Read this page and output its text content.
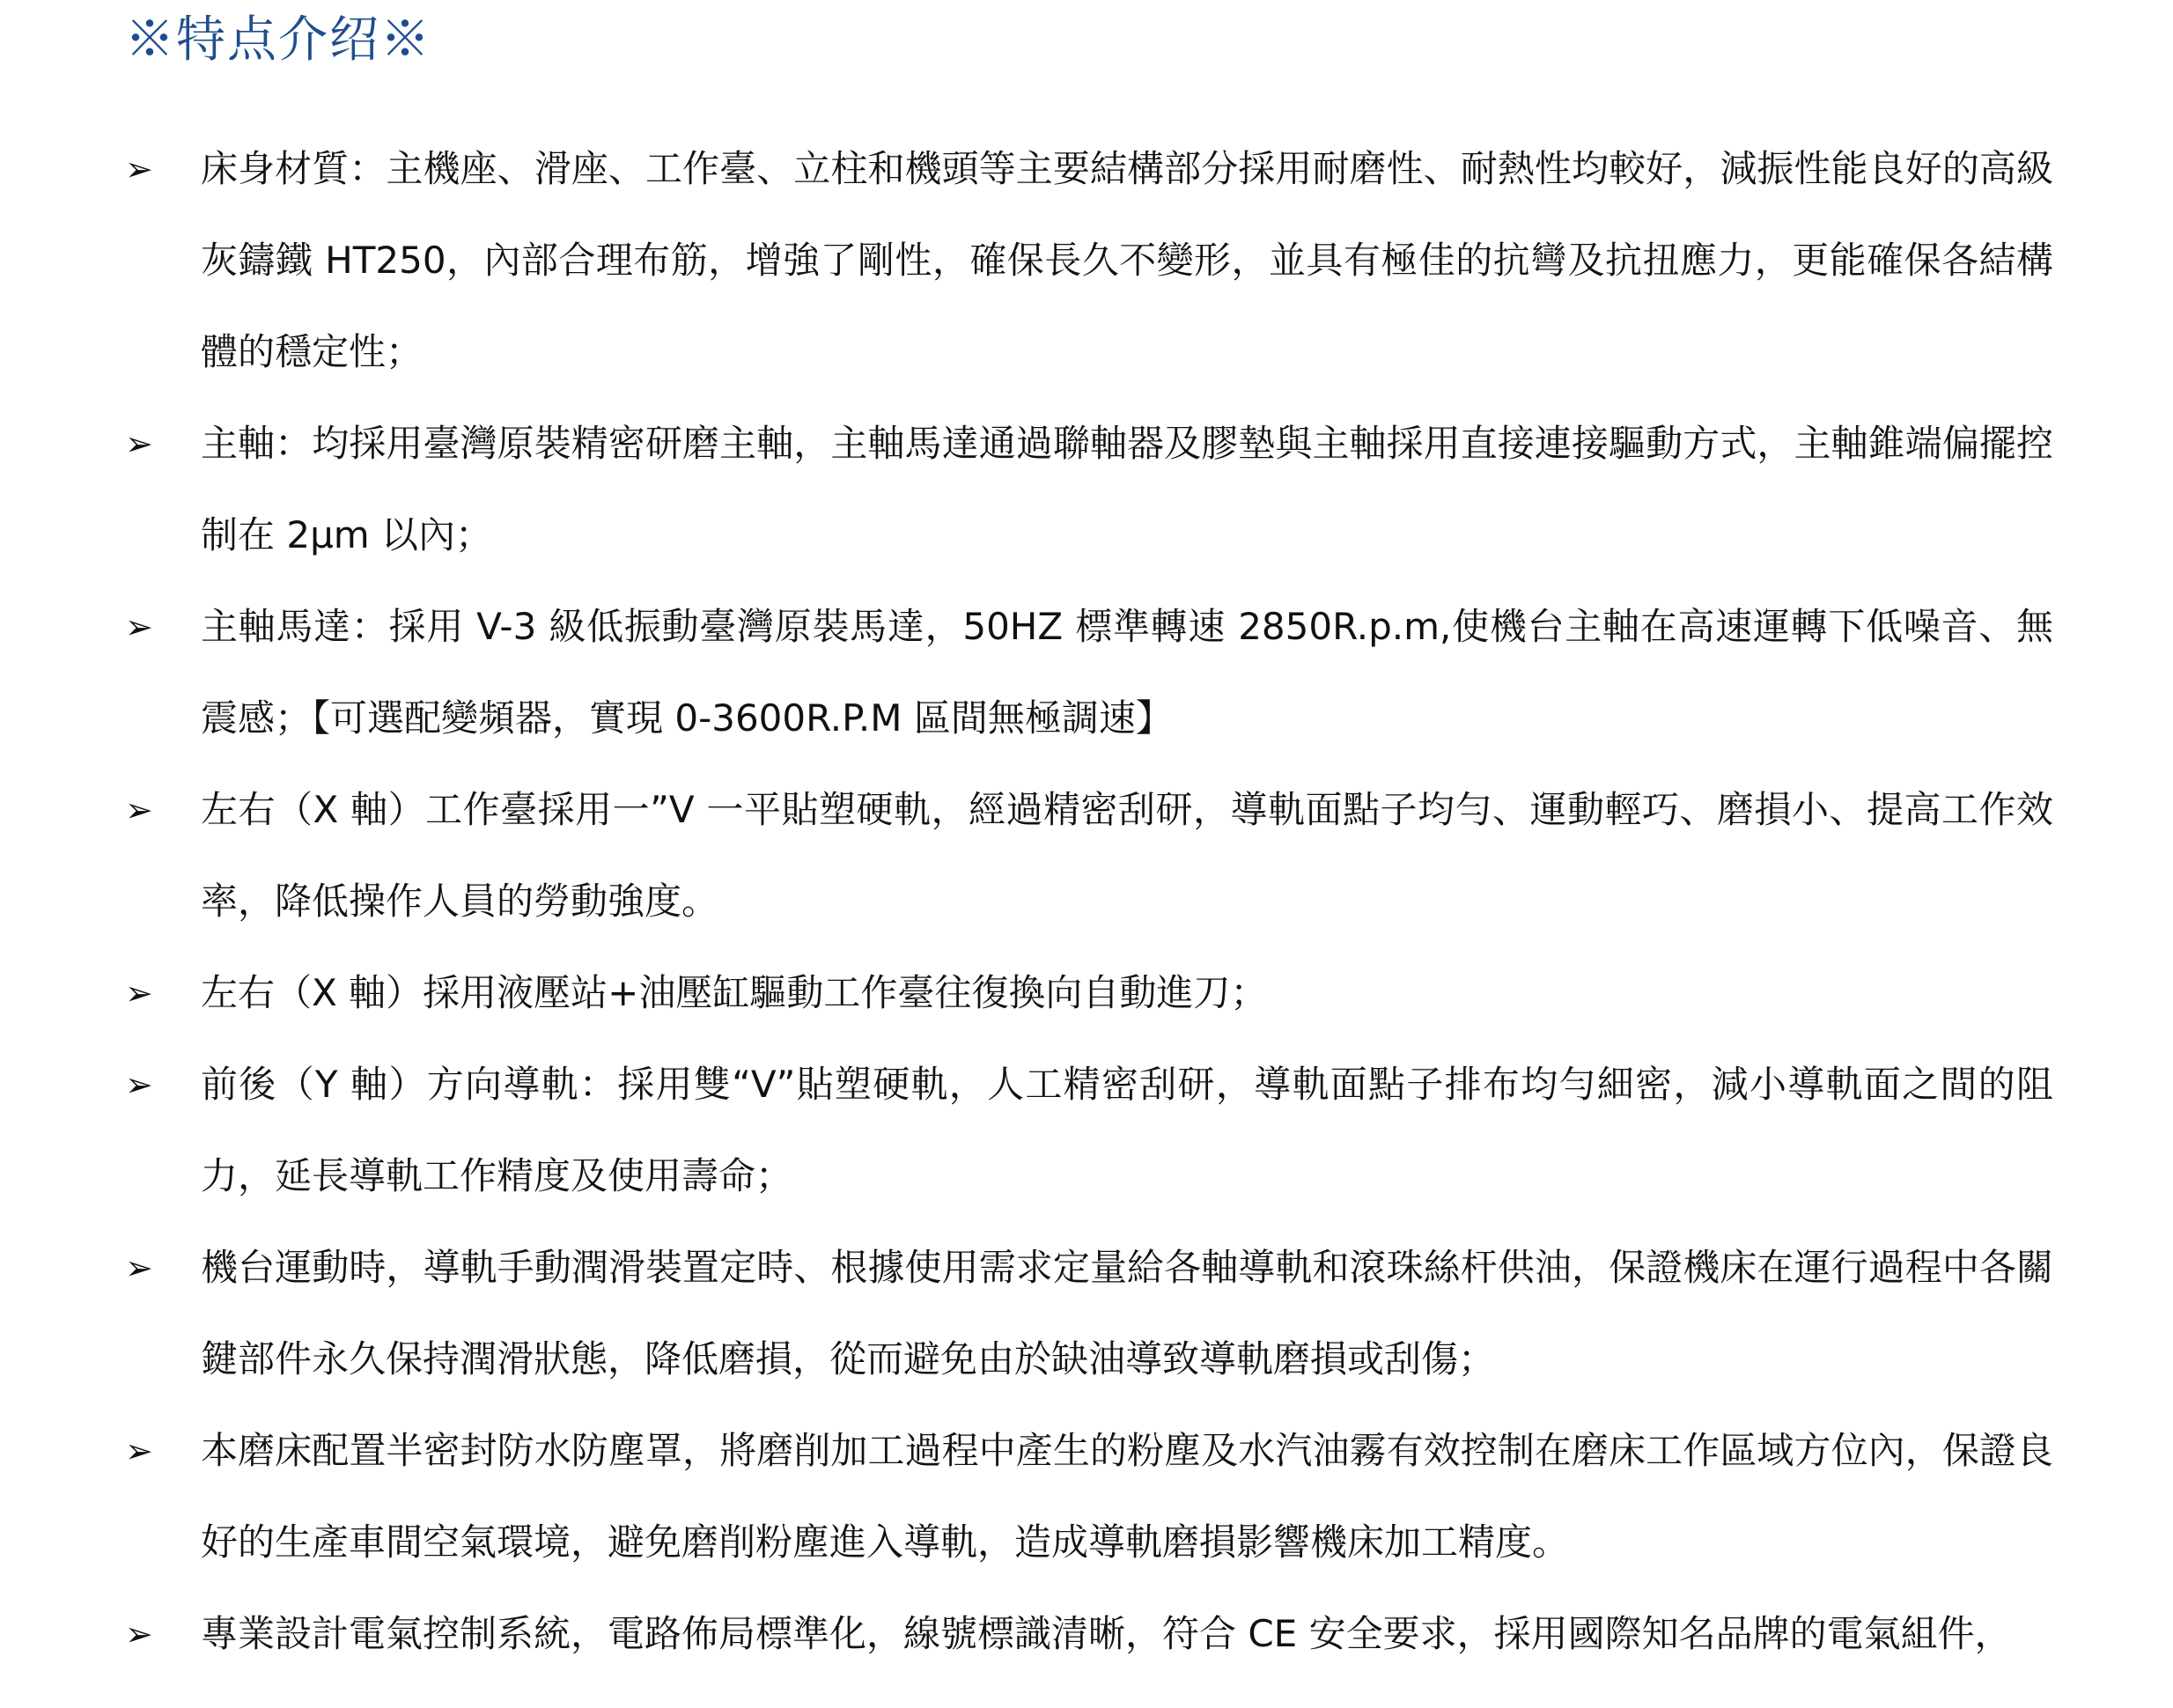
※特点介绍※
➢ 床身材質：主機座、滑座、工作臺、立柱和機頭等主要結構部分採用耐磨性、耐熱性均較好，減振性能良好的高級灰鑄鐵 HT250，內部合理布筋，增強了剛性，確保長久不變形，並具有極佳的抗彎及抗扭應力，更能確保各結構體的穩定性；
➢ 主軸：均採用臺灣原裝精密研磨主軸，主軸馬達通過聯軸器及膠墊與主軸採用直接連接驅動方式，主軸錐端偏擺控制在 2μm 以內；
➢ 主軸馬達：採用 V-3 級低振動臺灣原裝馬達，50HZ 標準轉速 2850R.p.m,使機台主軸在高速運轉下低噪音、無震感；【可選配變頻器，實現 0-3600R.P.M 區間無極調速】
➢ 左右（X 軸）工作臺採用一”V 一平貼塑硬軌，經過精密刮研，導軌面點子均勻、運動輕巧、磨損小、提高工作效率，降低操作人員的勞動強度。
➢ 左右（X 軸）採用液壓站+油壓缸驅動工作臺往復換向自動進刀；
➢ 前後（Y 軸）方向導軌：採用雙“V”貼塑硬軌，人工精密刮研，導軌面點子排布均勻細密，減小導軌面之間的阻力，延長導軌工作精度及使用壽命；
➢ 機台運動時，導軌手動潤滑裝置定時、根據使用需求定量給各軸導軌和滾珠絲杆供油，保證機床在運行過程中各關鍵部件永久保持潤滑狀態，降低磨損，從而避免由於缺油導致導軌磨損或刮傷；
➢ 本磨床配置半密封防水防塵罩，將磨削加工過程中產生的粉塵及水汽油霧有效控制在磨床工作區域方位內，保證良好的生產車間空氣環境，避免磨削粉塵進入導軌，造成導軌磨損影響機床加工精度。
➢ 專業設計電氣控制系統，電路佈局標準化，線號標識清晰，符合 CE 安全要求，採用國際知名品牌的電氣組件，
